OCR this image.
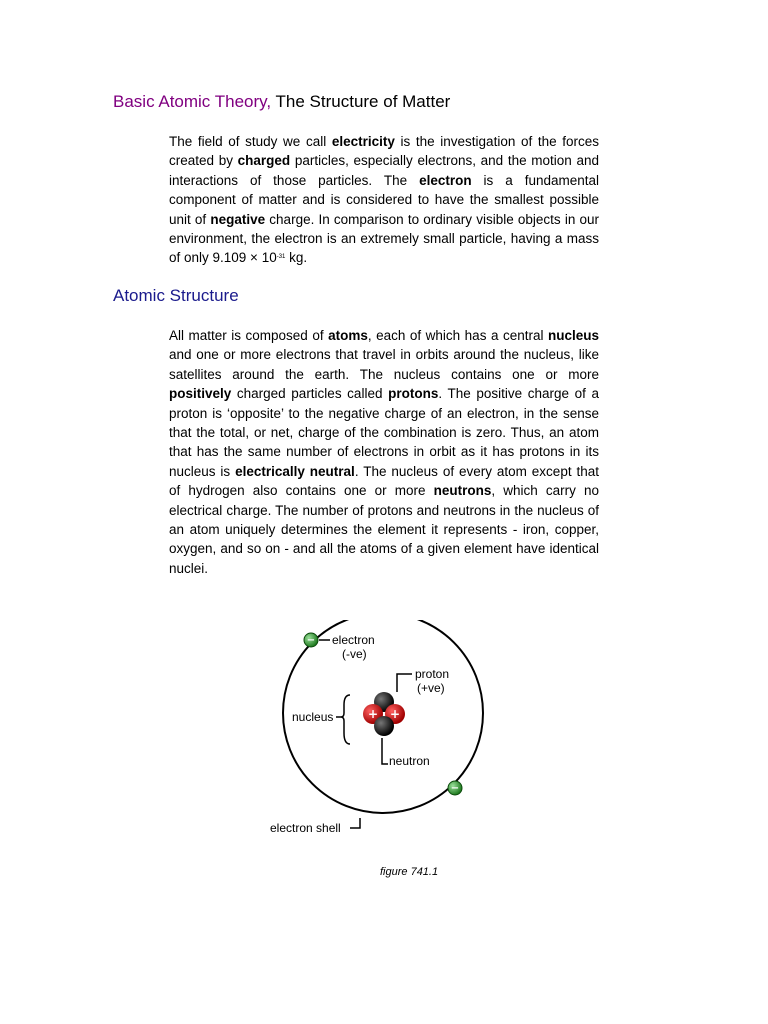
Basic Atomic Theory, The Structure of Matter
The field of study we call electricity is the investigation of the forces created by charged particles, especially electrons, and the motion and interactions of those particles. The electron is a fundamental component of matter and is considered to have the smallest possible unit of negative charge. In comparison to ordinary visible objects in our environment, the electron is an extremely small particle, having a mass of only $9.109 \times 10^{-31}$ kg.
Atomic Structure
All matter is composed of atoms, each of which has a central nucleus and one or more electrons that travel in orbits around the nucleus, like satellites around the earth. The nucleus contains one or more positively charged particles called protons. The positive charge of a proton is ‘opposite’ to the negative charge of an electron, in the sense that the total, or net, charge of the combination is zero. Thus, an atom that has the same number of electrons in orbit as it has protons in its nucleus is electrically neutral. The nucleus of every atom except that of hydrogen also contains one or more neutrons, which carry no electrical charge. The number of protons and neutrons in the nucleus of an atom uniquely determines the element it represents - iron, copper, oxygen, and so on - and all the atoms of a given element have identical nuclei.
−
−
electron
(-ve)
proton
(+ve)
+ +
nucleus
neutron
electron shell
figure 741.1
